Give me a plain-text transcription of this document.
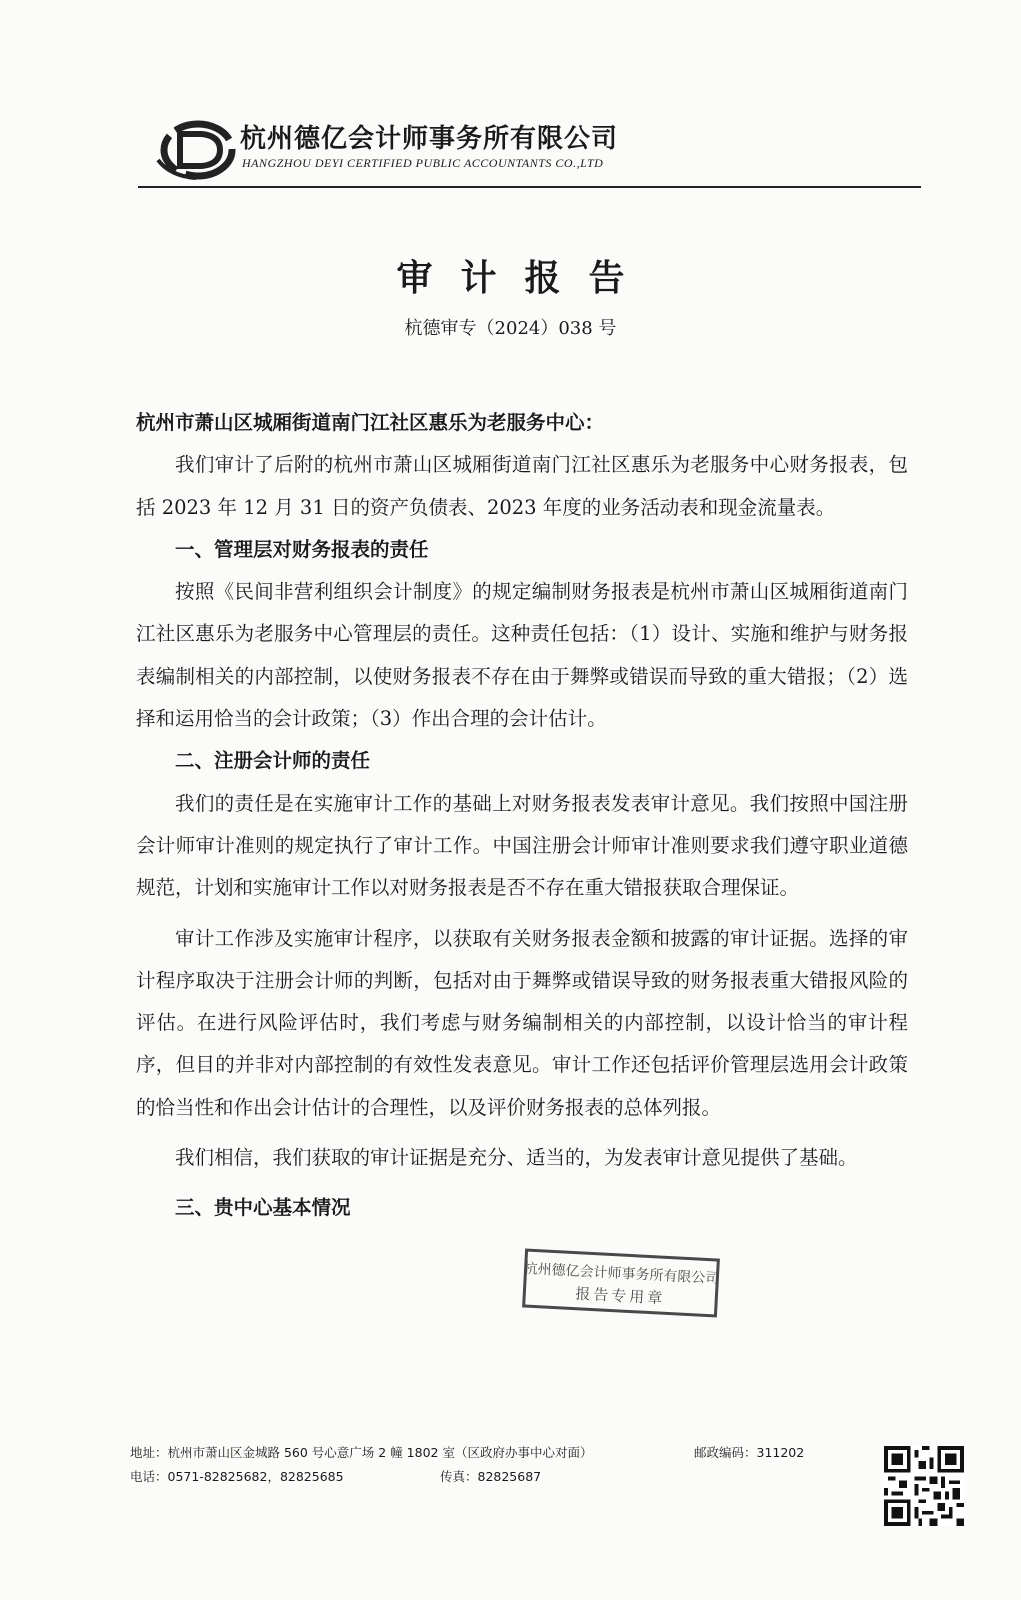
杭州德亿会计师事务所有限公司
HANGZHOU DEYI CERTIFIED PUBLIC ACCOUNTANTS CO.,LTD
审计报告
杭德审专（2024）038 号

杭州市萧山区城厢街道南门江社区惠乐为老服务中心：

我们审计了后附的杭州市萧山区城厢街道南门江社区惠乐为老服务中心财务报表，包括 2023 年 12 月 31 日的资产负债表、2023 年度的业务活动表和现金流量表。

一、管理层对财务报表的责任

按照《民间非营利组织会计制度》的规定编制财务报表是杭州市萧山区城厢街道南门江社区惠乐为老服务中心管理层的责任。这种责任包括：（1）设计、实施和维护与财务报表编制相关的内部控制，以使财务报表不存在由于舞弊或错误而导致的重大错报；（2）选择和运用恰当的会计政策；（3）作出合理的会计估计。

二、注册会计师的责任

我们的责任是在实施审计工作的基础上对财务报表发表审计意见。我们按照中国注册会计师审计准则的规定执行了审计工作。中国注册会计师审计准则要求我们遵守职业道德规范，计划和实施审计工作以对财务报表是否不存在重大错报获取合理保证。

审计工作涉及实施审计程序，以获取有关财务报表金额和披露的审计证据。选择的审计程序取决于注册会计师的判断，包括对由于舞弊或错误导致的财务报表重大错报风险的评估。在进行风险评估时，我们考虑与财务编制相关的内部控制，以设计恰当的审计程序，但目的并非对内部控制的有效性发表意见。审计工作还包括评价管理层选用会计政策的恰当性和作出会计估计的合理性，以及评价财务报表的总体列报。

我们相信，我们获取的审计证据是充分、适当的，为发表审计意见提供了基础。

三、贵中心基本情况

杭州德亿会计师事务所有限公司
报告专用章
地址：杭州市萧山区金城路 560 号心意广场 2 幢 1802 室（区政府办事中心对面）	邮政编码：311202
电话：0571-82825682，82825685	传真：82825687
